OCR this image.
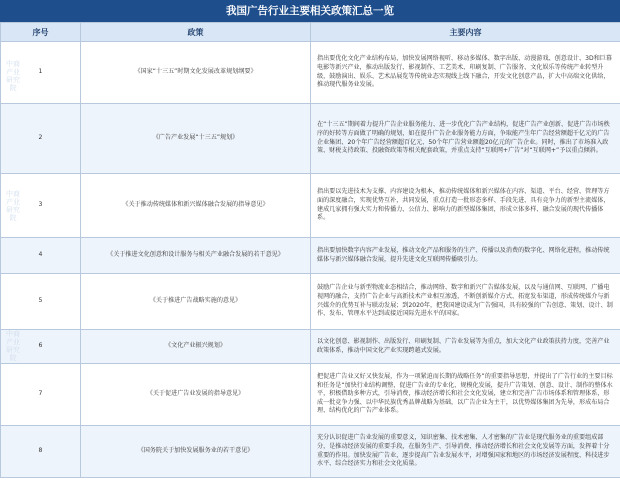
我国广告行业主要相关政策汇总一览
序号	政策	主要内容
1	《国家“十三五”时期文化发展改革规划纲要》	指出要优化文化产业结构布局，加快发展网络视听、移动多媒体、数字出版、动漫游戏、创意设计、3D和巨幕电影等新兴产业，推动出版发行、影视制作、工艺美术、印刷复制、广告服务、文化娱乐等传统产业转型升级，鼓励演出、娱乐、艺术品展览等传统业态实现线上线下融合，开发文化创意产品，扩大中高端文化供给，推动现代服务业发展。
2	《广告产业发展“十三五”规划》	在“十三五”期间着力提升广告企业服务能力、进一步优化广告产业结构，促进广告产业创新、促进广告市场秩序的好转等方面做了明确的规划，如在提升广告企业服务能力方面，争取能产生年广告经营额超千亿元的广告企业集团、20个年广告经营额超百亿元、50个年广告营业额超20亿元的广告企业。同时，推出了市场准入政策、财税支持政策、投融资政策等相关配套政策，并重点支持“互联网+广告”对“互联网+”予以重点倾斜。
3	《关于推动传统媒体和新兴媒体融合发展的指导意见》	指出要以先进技术为支撑、内容建设为根本，推动传统媒体和新兴媒体在内容、渠道、平台、经营、管理等方面的深度融合，实现优势互补，共同发展，重点打造一批形态多样、手段先进、具有竞争力的新型主流媒体，建成几家拥有强大实力和传播力、公信力、影响力的新型媒体集团，形成立体多样、融合发展的现代传播体系。
4	《关于推进文化创意和设计服务与相关产业融合发展的若干意见》	指出要加快数字内容产业发展，推动文化产品和服务的生产、传播以及消费的数字化、网络化进程，推动传统媒体与新兴媒体融合发展，提升先进文化互联网传播吸引力。
5	《关于推进广告战略实施的意见》	鼓励广告企业与新型物流业态相结合，推动网络、数字和新兴广告媒体发展，以及与通信网、互联网、广播电视网的融合，支持广告企业与高新技术产业相互渗透，不断创新媒介方式、拓宽发布渠道，形成传统媒介与新兴媒介的优势互补与联动发展；到2020年，把我国建设成为广告强国，具有较强的广告创意、策划、设计、制作、发布、管理水平达到或接近国际先进水平的国家。
6	《文化产业振兴规划》	以文化创意、影视制作、出版发行、印刷复制、广告业发展等为重点，加大文化产业政策扶持力度，完善产业政策体系，推动中国文化产业实现跨越式发展。
7	《关于促进广告业发展的指导意见》	把促进广告业又好又快发展，作为一项紧迫而长期的战略任务”的重要指导思想，并提出了广告行业的主要目标和任务是“加快行业结构调整，促进广告业的专业化、规模化发展，提升广告策划、创意、设计、制作的整体水平，积极借助多种方式，引导消费，推动经济增长和社会文化发展，建立和完善广告市场体系和管理体系，形成一批竞争力强、以中华民族优秀品牌战略为基础，以广告企业为主干，以优势媒体集团为先导，形成布局合理、结构优化的广告产业体系。
8	《国务院关于加快发展服务业的若干意见》	充分认识促进广告业发展的重要意义，知识密集、技术密集、人才密集的广告业是现代服务业的重要组成部分，是推动经济发展的重要手段，在服务生产、引导消费、推动经济增长和社会文化发展等方面，发挥着十分重要的作用。加快发展广告业，逐步提高广告业发展水平，对增强国家和地区的市场经济发展程度、科技进步水平、综合经济实力和社会文化质量。
中商产业研究院
中商产业研究院
中商产业研究院
